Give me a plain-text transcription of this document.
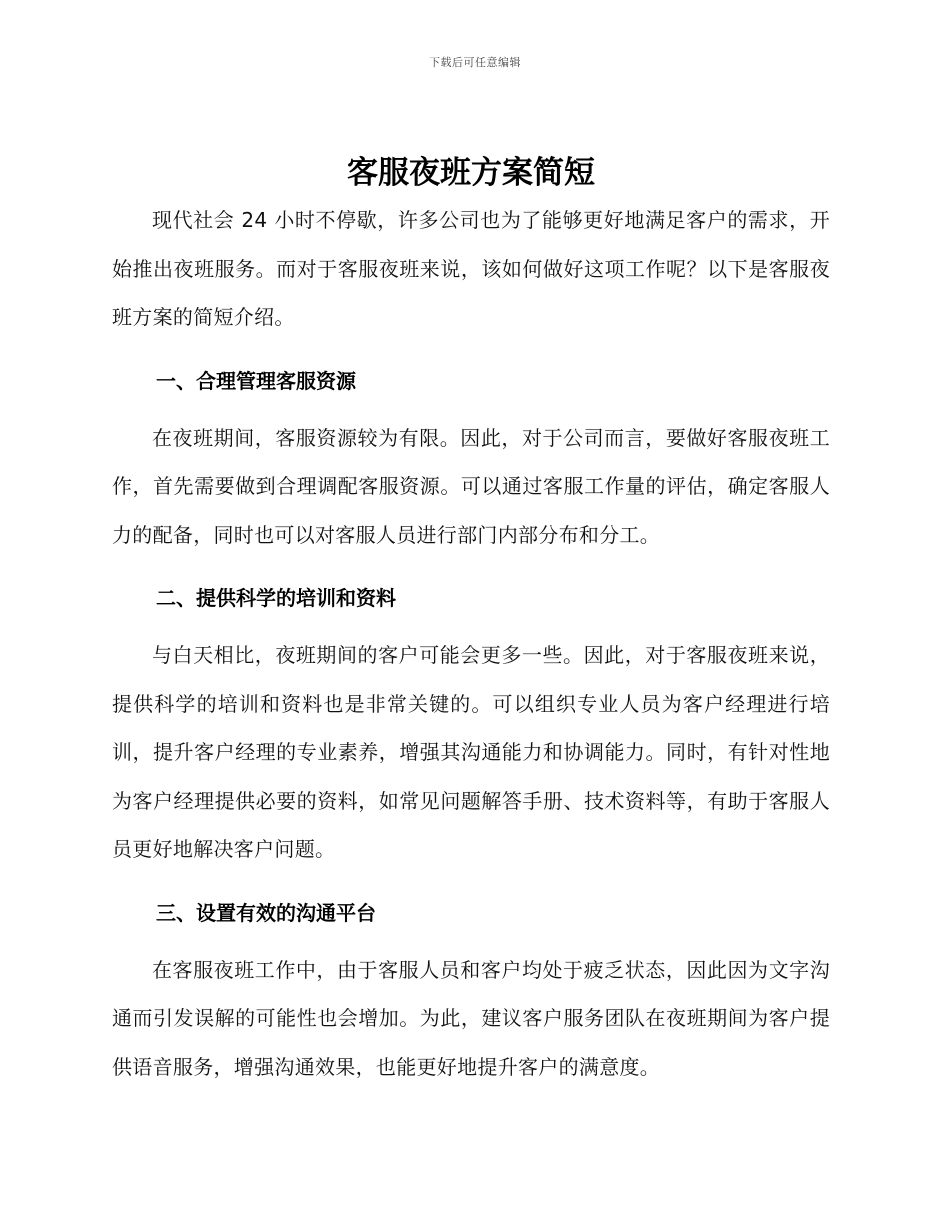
下载后可任意编辑
客服夜班方案简短

现代社会 24 小时不停歇，许多公司也为了能够更好地满足客户的需求，开始推出夜班服务。而对于客服夜班来说，该如何做好这项工作呢？以下是客服夜班方案的简短介绍。

一、合理管理客服资源

在夜班期间，客服资源较为有限。因此，对于公司而言，要做好客服夜班工作，首先需要做到合理调配客服资源。可以通过客服工作量的评估，确定客服人力的配备，同时也可以对客服人员进行部门内部分布和分工。

二、提供科学的培训和资料

与白天相比，夜班期间的客户可能会更多一些。因此，对于客服夜班来说，提供科学的培训和资料也是非常关键的。可以组织专业人员为客户经理进行培训，提升客户经理的专业素养，增强其沟通能力和协调能力。同时，有针对性地为客户经理提供必要的资料，如常见问题解答手册、技术资料等，有助于客服人员更好地解决客户问题。

三、设置有效的沟通平台

在客服夜班工作中，由于客服人员和客户均处于疲乏状态，因此因为文字沟通而引发误解的可能性也会增加。为此，建议客户服务团队在夜班期间为客户提供语音服务，增强沟通效果，也能更好地提升客户的满意度。
